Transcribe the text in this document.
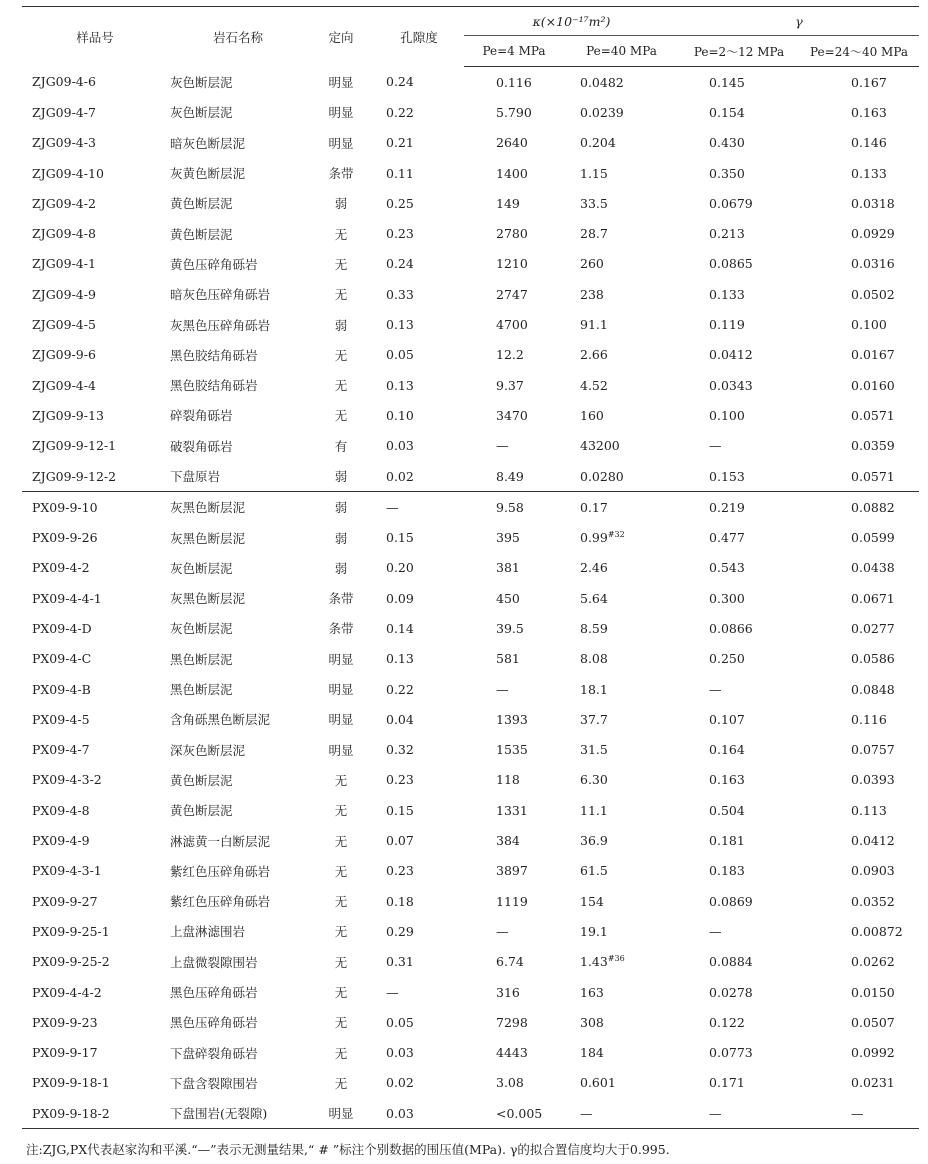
样品号	岩石名称	定向	孔隙度	κ(×10⁻¹⁷m²)		γ	
				Pe=4 MPa	Pe=40 MPa	Pe=2～12 MPa	Pe=24～40 MPa
ZJG09-4-6	灰色断层泥	明显	0.24	0.116	0.0482	0.145	0.167
ZJG09-4-7	灰色断层泥	明显	0.22	5.790	0.0239	0.154	0.163
ZJG09-4-3	暗灰色断层泥	明显	0.21	2640	0.204	0.430	0.146
ZJG09-4-10	灰黄色断层泥	条带	0.11	1400	1.15	0.350	0.133
ZJG09-4-2	黄色断层泥	弱	0.25	149	33.5	0.0679	0.0318
ZJG09-4-8	黄色断层泥	无	0.23	2780	28.7	0.213	0.0929
ZJG09-4-1	黄色压碎角砾岩	无	0.24	1210	260	0.0865	0.0316
ZJG09-4-9	暗灰色压碎角砾岩	无	0.33	2747	238	0.133	0.0502
ZJG09-4-5	灰黑色压碎角砾岩	弱	0.13	4700	91.1	0.119	0.100
ZJG09-9-6	黑色胶结角砾岩	无	0.05	12.2	2.66	0.0412	0.0167
ZJG09-4-4	黑色胶结角砾岩	无	0.13	9.37	4.52	0.0343	0.0160
ZJG09-9-13	碎裂角砾岩	无	0.10	3470	160	0.100	0.0571
ZJG09-9-12-1	破裂角砾岩	有	0.03	—	43200	—	0.0359
ZJG09-9-12-2	下盘原岩	弱	0.02	8.49	0.0280	0.153	0.0571
PX09-9-10	灰黑色断层泥	弱	—	9.58	0.17	0.219	0.0882
PX09-9-26	灰黑色断层泥	弱	0.15	395	0.99$^{\#32}$	0.477	0.0599
PX09-4-2	灰色断层泥	弱	0.20	381	2.46	0.543	0.0438
PX09-4-4-1	灰黑色断层泥	条带	0.09	450	5.64	0.300	0.0671
PX09-4-D	灰色断层泥	条带	0.14	39.5	8.59	0.0866	0.0277
PX09-4-C	黑色断层泥	明显	0.13	581	8.08	0.250	0.0586
PX09-4-B	黑色断层泥	明显	0.22	—	18.1	—	0.0848
PX09-4-5	含角砾黑色断层泥	明显	0.04	1393	37.7	0.107	0.116
PX09-4-7	深灰色断层泥	明显	0.32	1535	31.5	0.164	0.0757
PX09-4-3-2	黄色断层泥	无	0.23	118	6.30	0.163	0.0393
PX09-4-8	黄色断层泥	无	0.15	1331	11.1	0.504	0.113
PX09-4-9	淋滤黄一白断层泥	无	0.07	384	36.9	0.181	0.0412
PX09-4-3-1	紫红色压碎角砾岩	无	0.23	3897	61.5	0.183	0.0903
PX09-9-27	紫红色压碎角砾岩	无	0.18	1119	154	0.0869	0.0352
PX09-9-25-1	上盘淋滤围岩	无	0.29	—	19.1	—	0.00872
PX09-9-25-2	上盘微裂隙围岩	无	0.31	6.74	1.43$^{\#36}$	0.0884	0.0262
PX09-4-4-2	黑色压碎角砾岩	无	—	316	163	0.0278	0.0150
PX09-9-23	黑色压碎角砾岩	无	0.05	7298	308	0.122	0.0507
PX09-9-17	下盘碎裂角砾岩	无	0.03	4443	184	0.0773	0.0992
PX09-9-18-1	下盘含裂隙围岩	无	0.02	3.08	0.601	0.171	0.0231
PX09-9-18-2	下盘围岩(无裂隙)	明显	0.03	<0.005	—	—	—
注:ZJG,PX代表赵家沟和平溪.“—”表示无测量结果,“ # ”标注个别数据的围压值(MPa). γ的拟合置信度均大于0.995.
